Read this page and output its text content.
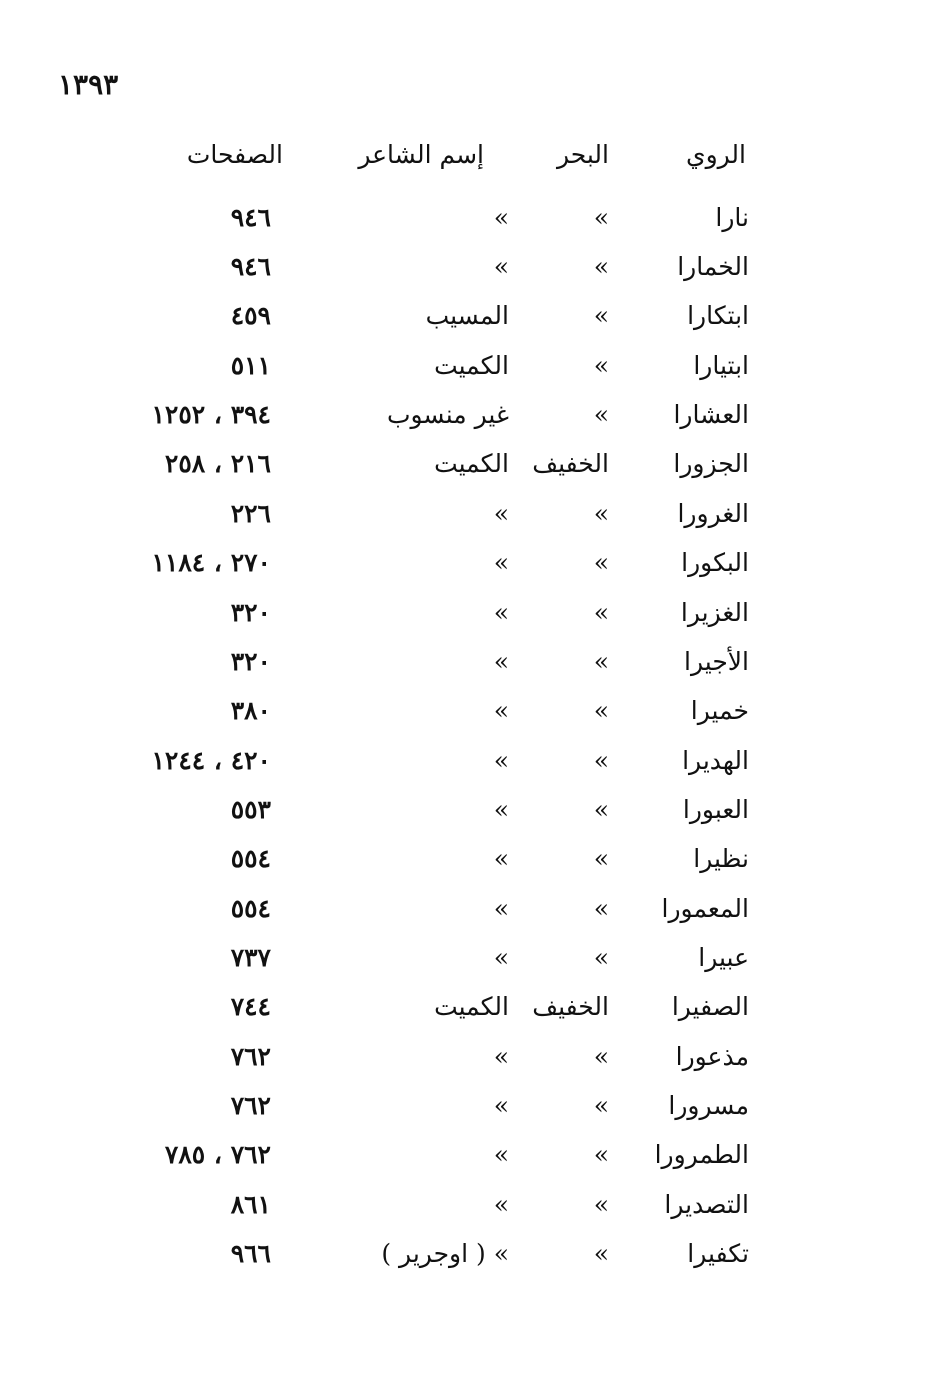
١٣٩٣
الروي
البحر
إسم الشاعر
الصفحات
نارا
»
»
٩٤٦
الخمارا
»
»
٩٤٦
ابتكارا
»
المسيب
٤٥٩
ابتيارا
»
الكميت
٥١١
العشارا
»
غير منسوب
٣٩٤ ، ١٢٥٢
الجزورا
الخفيف
الكميت
٢١٦ ، ٢٥٨
الغرورا
»
»
٢٢٦
البكورا
»
»
٢٧٠ ، ١١٨٤
الغزيرا
»
»
٣٢٠
الأجيرا
»
»
٣٢٠
خميرا
»
»
٣٨٠
الهديرا
»
»
٤٢٠ ، ١٢٤٤
العبورا
»
»
٥٥٣
نظيرا
»
»
٥٥٤
المعمورا
»
»
٥٥٤
عبيرا
»
»
٧٣٧
الصفيرا
الخفيف
الكميت
٧٤٤
مذعورا
»
»
٧٦٢
مسرورا
»
»
٧٦٢
الطمرورا
»
»
٧٦٢ ، ٧٨٥
التصديرا
»
»
٨٦١
تكفيرا
»
» ( اوجرير )
٩٦٦
